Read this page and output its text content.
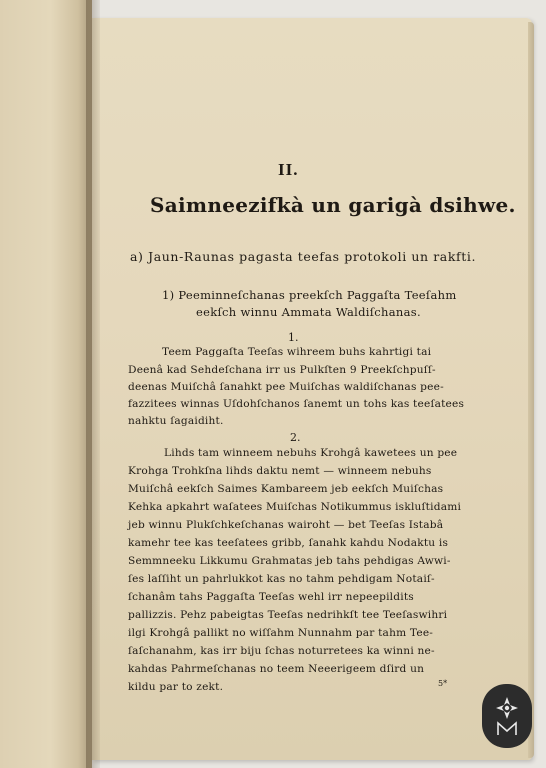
II.
Saimneezifkà un garigà dsihwe.
a) Jaun-Raunas pagasta teefas protokoli un rakfti.
1) Peeminneſchanas preekſch Paggaſta Teeſahm
eekſch winnu Ammata Waldiſchanas.
1.
Teem Paggaſta Teeſas wihreem buhs kahrtigi tai
Deenâ kad Sehdeſchana irr us Pulkſten 9 Preekſchpuſſ-
deenas Muiſchâ ſanahkt pee Muiſchas waldiſchanas pee-
fazzitees winnas Uſdohſchanos ſanemt un tohs kas teeſatees
nahktu ſagaidiht.
2.
Lihds tam winneem nebuhs Krohgâ kawetees un pee
Krohga Trohkſna lihds daktu nemt — winneem nebuhs
Muiſchâ eekſch Saimes Kambareem jeb eekſch Muiſchas
Kehka apkahrt waſatees Muiſchas Notikummus iskluſtidami
jeb winnu Plukſchkeſchanas wairoht — bet Teeſas Istabâ
kamehr tee kas teeſatees gribb, ſanahk kahdu Nodaktu is
Semmneeku Likkumu Grahmatas jeb tahs pehdigas Awwi-
ſes laſſiht un pahrlukkot kas no tahm pehdigam Notaiſ-
ſchanâm tahs Paggaſta Teeſas wehl irr nepeepildits
pallizzis. Pehz pabeigtas Teeſas nedrihkſt tee Teeſaswihri
ilgi Krohgâ pallikt no wiſſahm Nunnahm par tahm Tee-
ſaſchanahm, kas irr biju ſchas noturretees ka winni ne-
kahdas Pahrmeſchanas no teem Neeerigeem dſird un
kildu par to zekt.	5*
